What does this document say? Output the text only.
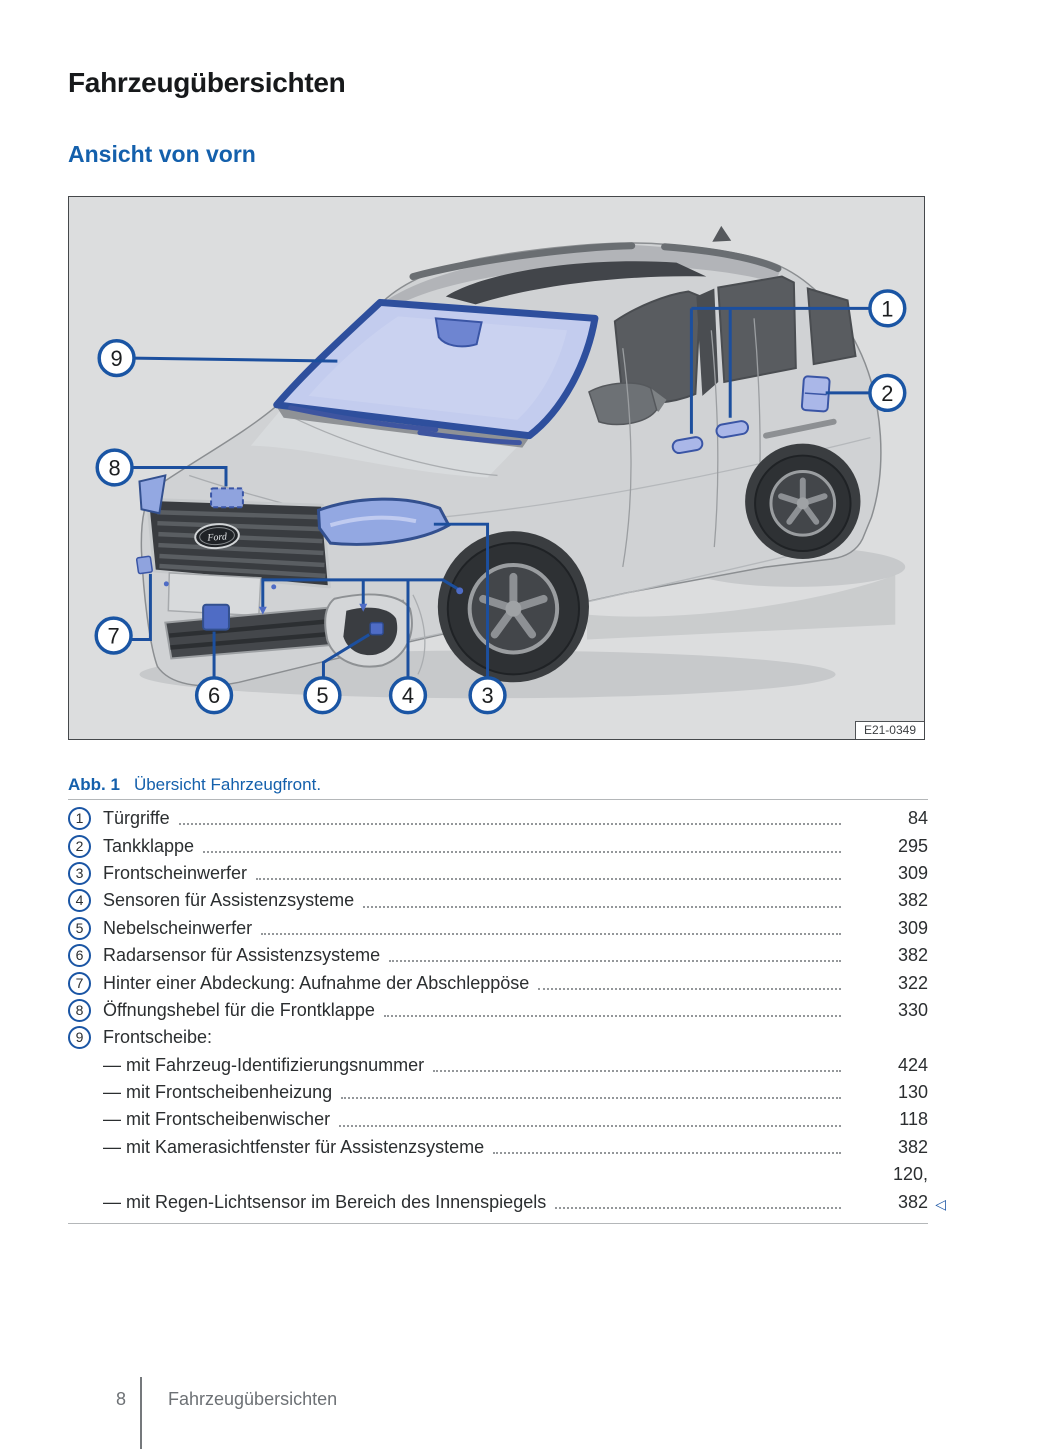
Fahrzeugübersichten
Ansicht von vorn
Ford
1
2
3
4
5
6
7
8
9
E21-0349

Abb. 1 Übersicht Fahrzeugfront.

1	Türgriffe	84
2	Tankklappe	295
3	Frontscheinwerfer	309
4	Sensoren für Assistenzsysteme	382
5	Nebelscheinwerfer	309
6	Radarsensor für Assistenzsysteme	382
7	Hinter einer Abdeckung: Aufnahme der Abschleppöse	322
8	Öffnungshebel für die Frontklappe	330
9	Frontscheibe:
— mit Fahrzeug-Identifizierungsnummer	424
— mit Frontscheibenheizung	130
— mit Frontscheibenwischer	118
— mit Kamerasichtfenster für Assistenzsysteme	382
120,
— mit Regen-Lichtsensor im Bereich des Innenspiegels	382 ◁
8 Fahrzeugübersichten
